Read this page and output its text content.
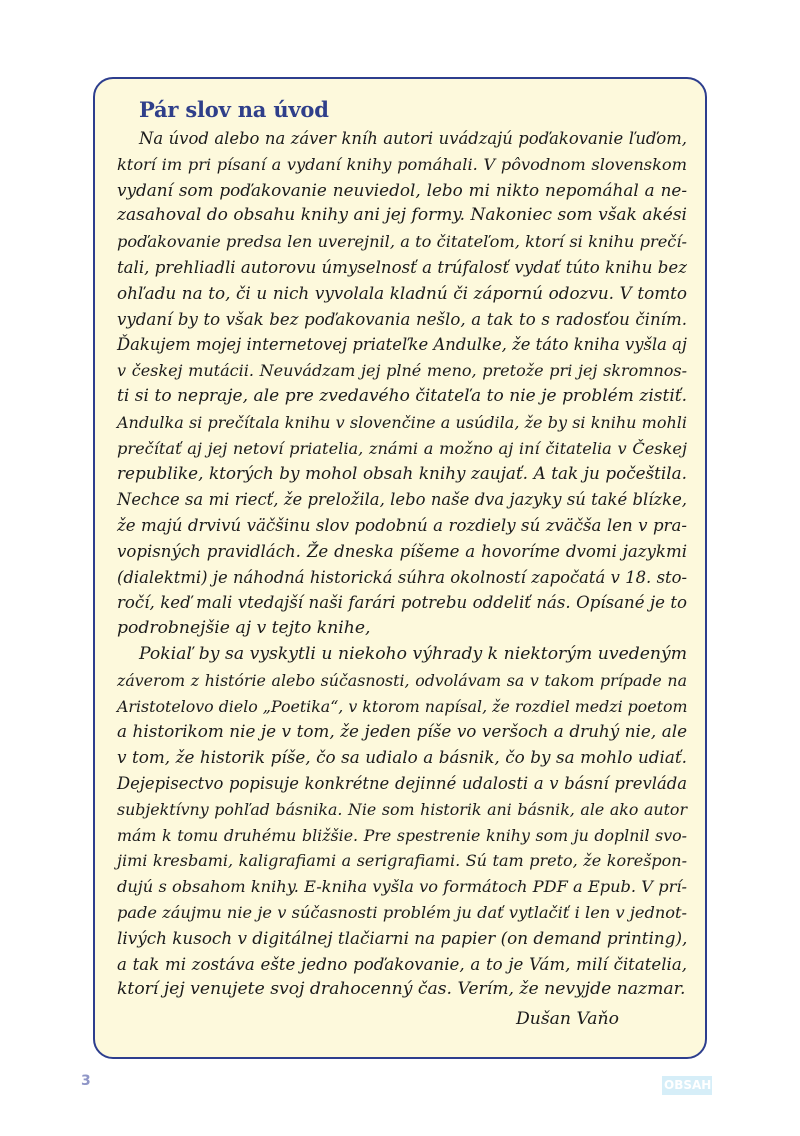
Pár slov na úvod
Na úvod alebo na záver kníh autori uvádzajú poďakovanie ľuďom,
ktorí im pri písaní a vydaní knihy pomáhali. V pôvodnom slovenskom
vydaní som poďakovanie neuviedol, lebo mi nikto nepomáhal a ne-
zasahoval do obsahu knihy ani jej formy. Nakoniec som však akési
poďakovanie predsa len uverejnil, a to čitateľom, ktorí si knihu prečí-
tali, prehliadli autorovu úmyselnosť a trúfalosť vydať túto knihu bez
ohľadu na to, či u nich vyvolala kladnú či zápornú odozvu. V tomto
vydaní by to však bez poďakovania nešlo, a tak to s radosťou činím.
Ďakujem mojej internetovej priateľke Andulke, že táto kniha vyšla aj
v českej mutácii. Neuvádzam jej plné meno, pretože pri jej skromnos-
ti si to nepraje, ale pre zvedavého čitateľa to nie je problém zistiť.
Andulka si prečítala knihu v slovenčine a usúdila, že by si knihu mohli
prečítať aj jej netoví priatelia, známi a možno aj iní čitatelia v Českej
republike, ktorých by mohol obsah knihy zaujať. A tak ju počeštila.
Nechce sa mi riecť, že preložila, lebo naše dva jazyky sú také blízke,
že majú drvivú väčšinu slov podobnú a rozdiely sú zväčša len v pra-
vopisných pravidlách. Že dneska píšeme a hovoríme dvomi jazykmi
(dialektmi) je náhodná historická súhra okolností započatá v 18. sto-
ročí, keď mali vtedajší naši farári potrebu oddeliť nás. Opísané je to
podrobnejšie aj v tejto knihe,
Pokiaľ by sa vyskytli u niekoho výhrady k niektorým uvedeným
záverom z histórie alebo súčasnosti, odvolávam sa v takom prípade na
Aristotelovo dielo „Poetika“, v ktorom napísal, že rozdiel medzi poetom
a historikom nie je v tom, že jeden píše vo veršoch a druhý nie, ale
v tom, že historik píše, čo sa udialo a básnik, čo by sa mohlo udiať.
Dejepisectvo popisuje konkrétne dejinné udalosti a v básní prevláda
subjektívny pohľad básnika. Nie som historik ani básnik, ale ako autor
mám k tomu druhému bližšie. Pre spestrenie knihy som ju doplnil svo-
jimi kresbami, kaligrafiami a serigrafiami. Sú tam preto, že korešpon-
dujú s obsahom knihy. E-kniha vyšla vo formátoch PDF a Epub. V prí-
pade záujmu nie je v súčasnosti problém ju dať vytlačiť i len v jednot-
livých kusoch v digitálnej tlačiarni na papier (on demand printing),
a tak mi zostáva ešte jedno poďakovanie, a to je Vám, milí čitatelia,
ktorí jej venujete svoj drahocenný čas. Verím, že nevyjde nazmar.
Dušan Vaňo
3	OBSAH
